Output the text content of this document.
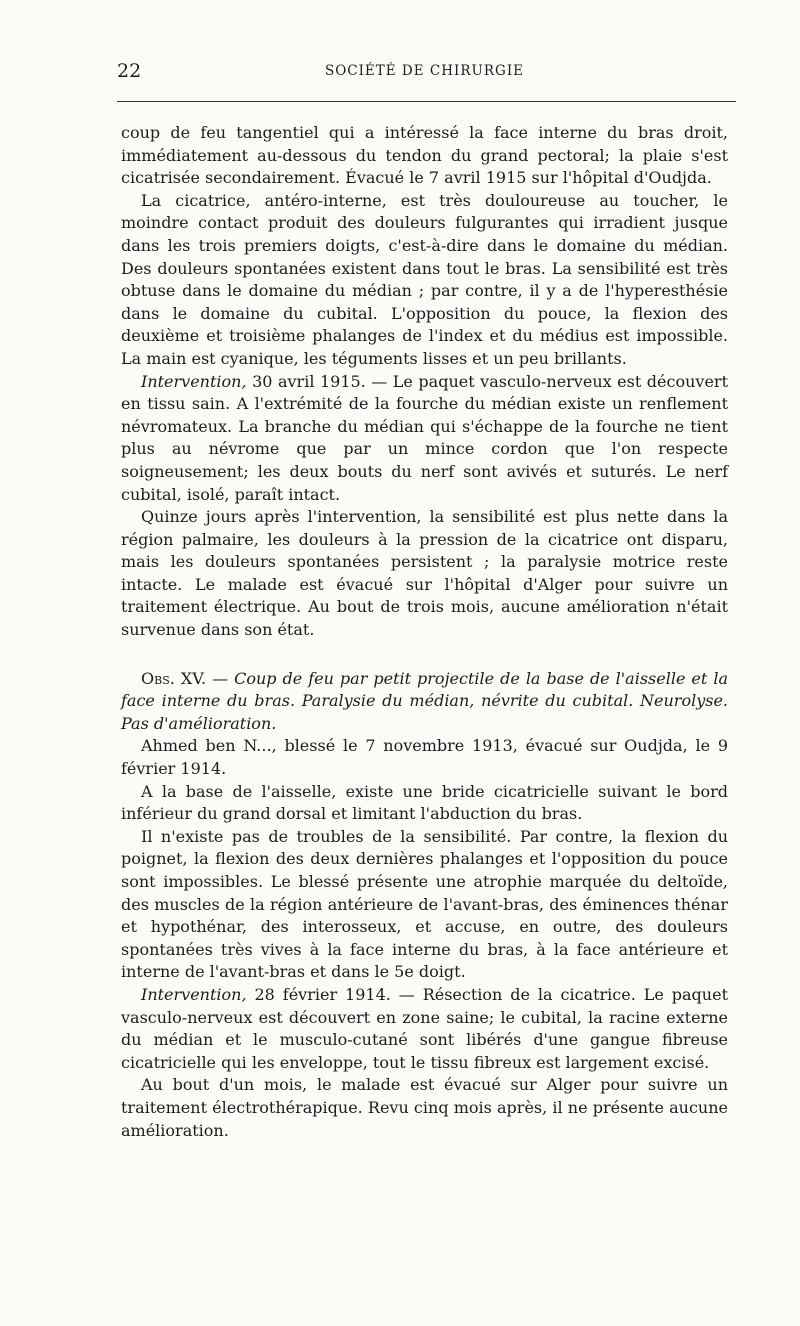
22	SOCIÉTÉ DE CHIRURGIE

coup de feu tangentiel qui a intéressé la face interne du bras droit, immédiatement au-dessous du tendon du grand pectoral; la plaie s'est cicatrisée secondairement. Évacué le 7 avril 1915 sur l'hôpital d'Oudjda.

La cicatrice, antéro-interne, est très douloureuse au toucher, le moindre contact produit des douleurs fulgurantes qui irradient jusque dans les trois premiers doigts, c'est-à-dire dans le domaine du médian. Des douleurs spontanées existent dans tout le bras. La sensibilité est très obtuse dans le domaine du médian ; par contre, il y a de l'hyperesthésie dans le domaine du cubital. L'opposition du pouce, la flexion des deuxième et troisième phalanges de l'index et du médius est impossible. La main est cyanique, les téguments lisses et un peu brillants.

Intervention, 30 avril 1915. — Le paquet vasculo-nerveux est découvert en tissu sain. A l'extrémité de la fourche du médian existe un renflement névromateux. La branche du médian qui s'échappe de la fourche ne tient plus au névrome que par un mince cordon que l'on respecte soigneusement; les deux bouts du nerf sont avivés et suturés. Le nerf cubital, isolé, paraît intact.

Quinze jours après l'intervention, la sensibilité est plus nette dans la région palmaire, les douleurs à la pression de la cicatrice ont disparu, mais les douleurs spontanées persistent ; la paralysie motrice reste intacte. Le malade est évacué sur l'hôpital d'Alger pour suivre un traitement électrique. Au bout de trois mois, aucune amélioration n'était survenue dans son état.

Obs. XV. — Coup de feu par petit projectile de la base de l'aisselle et la face interne du bras. Paralysie du médian, névrite du cubital. Neurolyse. Pas d'amélioration.

Ahmed ben N..., blessé le 7 novembre 1913, évacué sur Oudjda, le 9 février 1914.

A la base de l'aisselle, existe une bride cicatricielle suivant le bord inférieur du grand dorsal et limitant l'abduction du bras.

Il n'existe pas de troubles de la sensibilité. Par contre, la flexion du poignet, la flexion des deux dernières phalanges et l'opposition du pouce sont impossibles. Le blessé présente une atrophie marquée du deltoïde, des muscles de la région antérieure de l'avant-bras, des éminences thénar et hypothénar, des interosseux, et accuse, en outre, des douleurs spontanées très vives à la face interne du bras, à la face antérieure et interne de l'avant-bras et dans le 5e doigt.

Intervention, 28 février 1914. — Résection de la cicatrice. Le paquet vasculo-nerveux est découvert en zone saine; le cubital, la racine externe du médian et le musculo-cutané sont libérés d'une gangue fibreuse cicatricielle qui les enveloppe, tout le tissu fibreux est largement excisé.

Au bout d'un mois, le malade est évacué sur Alger pour suivre un traitement électrothérapique. Revu cinq mois après, il ne présente aucune amélioration.
